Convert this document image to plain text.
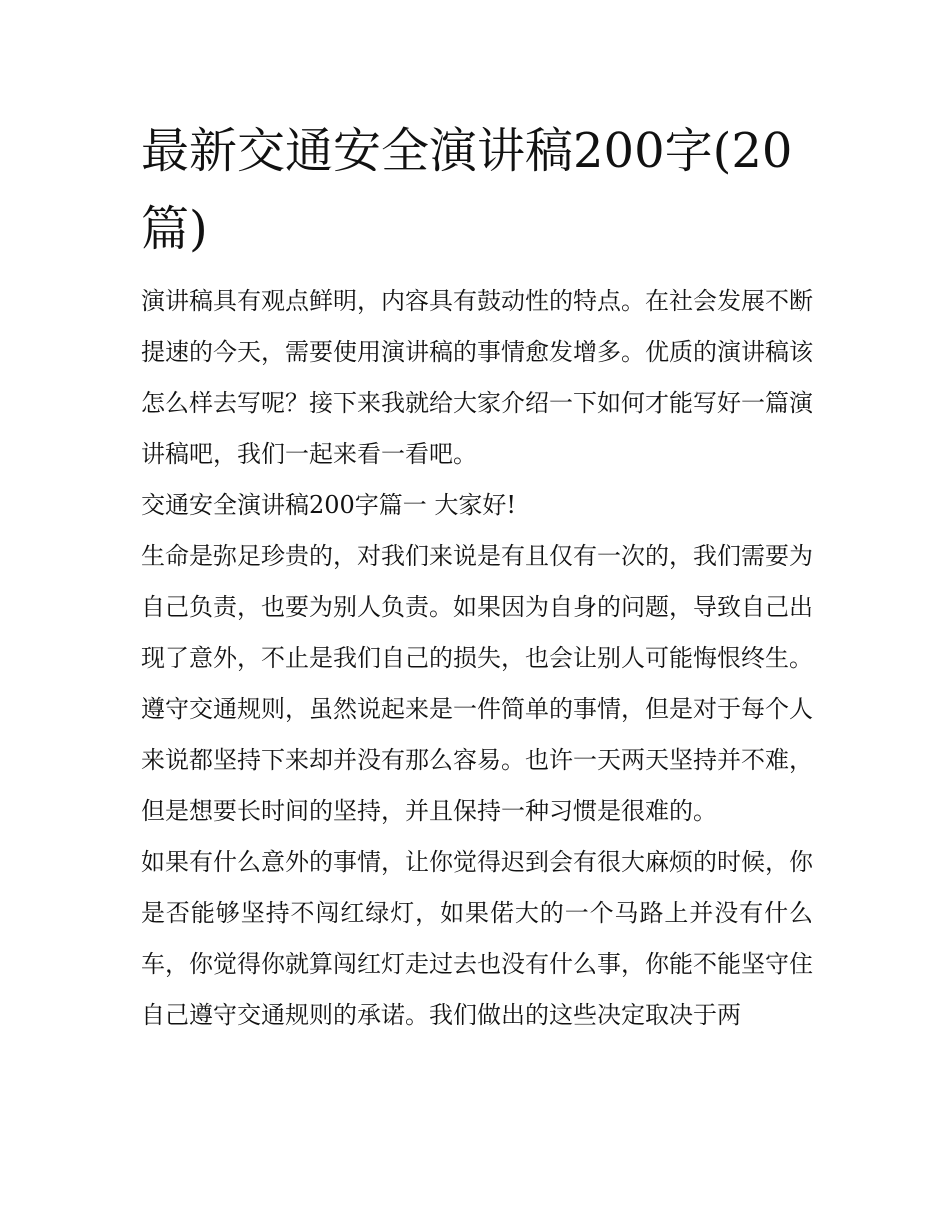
最新交通安全演讲稿200字(20篇)

演讲稿具有观点鲜明，内容具有鼓动性的特点。在社会发展不断提速的今天，需要使用演讲稿的事情愈发增多。优质的演讲稿该怎么样去写呢？接下来我就给大家介绍一下如何才能写好一篇演讲稿吧，我们一起来看一看吧。

交通安全演讲稿200字篇一 大家好!

生命是弥足珍贵的，对我们来说是有且仅有一次的，我们需要为自己负责，也要为别人负责。如果因为自身的问题，导致自己出现了意外，不止是我们自己的损失，也会让别人可能悔恨终生。遵守交通规则，虽然说起来是一件简单的事情，但是对于每个人来说都坚持下来却并没有那么容易。也许一天两天坚持并不难，但是想要长时间的坚持，并且保持一种习惯是很难的。

如果有什么意外的事情，让你觉得迟到会有很大麻烦的时候，你是否能够坚持不闯红绿灯，如果偌大的一个马路上并没有什么车，你觉得你就算闯红灯走过去也没有什么事，你能不能坚守住自己遵守交通规则的承诺。我们做出的这些决定取决于两
